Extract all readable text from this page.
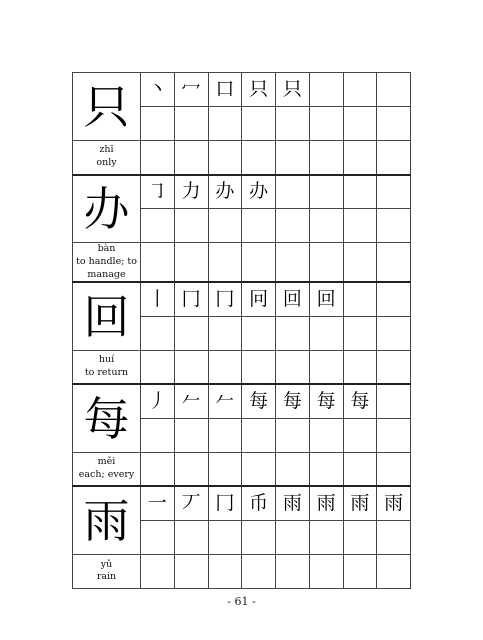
只	丶	冖	口	只	只			

zhī
only								

办	㇆	力	办	办				

bàn
to handle; to manage								

回	丨	冂	冂	冋	回	回		

huí
to return								

每	丿	𠂉	𠂉	每	每	每	每	

měi
each; every								

雨	一	丆	冂	币	雨	雨	雨	雨

yǔ
rain								

- 61 -
